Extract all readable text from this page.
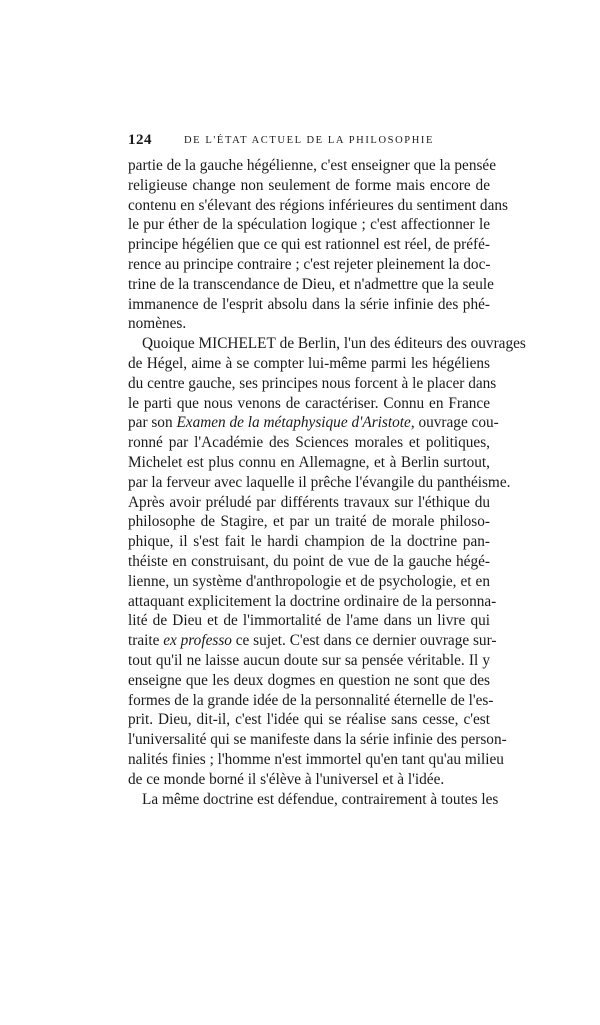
124	DE L'ÉTAT ACTUEL DE LA PHILOSOPHIE
partie de la gauche hégélienne, c'est enseigner que la pensée
religieuse change non seulement de forme mais encore de
contenu en s'élevant des régions inférieures du sentiment dans
le pur éther de la spéculation logique ; c'est affectionner le
principe hégélien que ce qui est rationnel est réel, de préfé-
rence au principe contraire ; c'est rejeter pleinement la doc-
trine de la transcendance de Dieu, et n'admettre que la seule
immanence de l'esprit absolu dans la série infinie des phé-
nomènes.
Quoique MICHELET de Berlin, l'un des éditeurs des ouvrages
de Hégel, aime à se compter lui-même parmi les hégéliens
du centre gauche, ses principes nous forcent à le placer dans
le parti que nous venons de caractériser. Connu en France
par son Examen de la métaphysique d'Aristote, ouvrage cou-
ronné par l'Académie des Sciences morales et politiques,
Michelet est plus connu en Allemagne, et à Berlin surtout,
par la ferveur avec laquelle il prêche l'évangile du panthéisme.
Après avoir préludé par différents travaux sur l'éthique du
philosophe de Stagire, et par un traité de morale philoso-
phique, il s'est fait le hardi champion de la doctrine pan-
théiste en construisant, du point de vue de la gauche hégé-
lienne, un système d'anthropologie et de psychologie, et en
attaquant explicitement la doctrine ordinaire de la personna-
lité de Dieu et de l'immortalité de l'ame dans un livre qui
traite ex professo ce sujet. C'est dans ce dernier ouvrage sur-
tout qu'il ne laisse aucun doute sur sa pensée véritable. Il y
enseigne que les deux dogmes en question ne sont que des
formes de la grande idée de la personnalité éternelle de l'es-
prit. Dieu, dit-il, c'est l'idée qui se réalise sans cesse, c'est
l'universalité qui se manifeste dans la série infinie des person-
nalités finies ; l'homme n'est immortel qu'en tant qu'au milieu
de ce monde borné il s'élève à l'universel et à l'idée.
La même doctrine est défendue, contrairement à toutes les
